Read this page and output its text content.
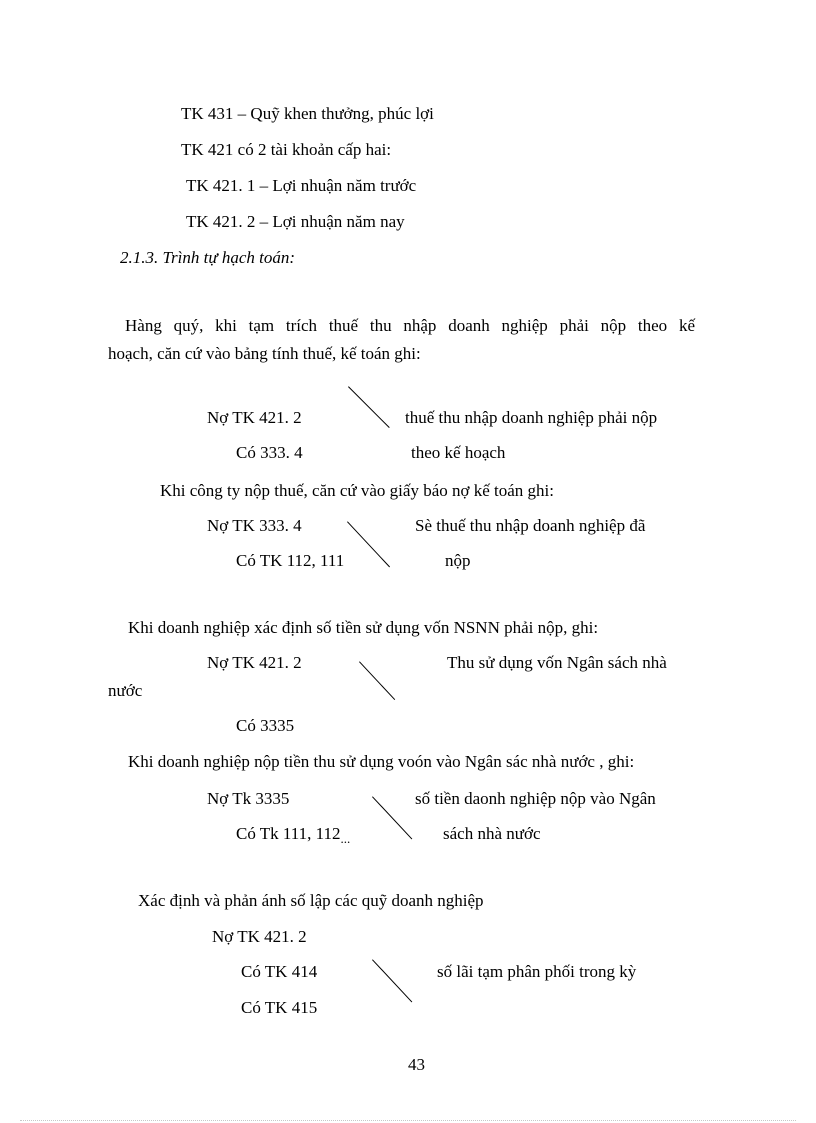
TK 431 – Quỹ khen thưởng, phúc lợi
TK 421 có 2 tài khoản cấp hai:
TK 421. 1 – Lợi nhuận năm trước
TK 421. 2 – Lợi nhuận năm nay
2.1.3. Trình tự hạch toán:
Hàng quý, khi tạm trích thuế thu nhập doanh nghiệp phải nộp theo kế
hoạch, căn cứ vào bảng tính thuế, kế toán ghi:
Nợ TK 421. 2
Có 333. 4
thuế thu nhập doanh nghiệp phải nộp
theo kế hoạch
Khi công ty nộp thuế, căn cứ vào giấy báo nợ kế toán ghi:
Nợ TK 333. 4
Có TK 112, 111
Sè thuế thu nhập doanh nghiệp đã
nộp
Khi doanh nghiệp xác định số tiền sử dụng vốn NSNN phải nộp, ghi:
Nợ TK 421. 2	Thu sử dụng vốn Ngân sách nhà
nước
Có 3335
Khi doanh nghiệp nộp tiền thu sử dụng voón vào Ngân sác nhà nước , ghi:
Nợ Tk 3335
Có Tk 111, $112_{...}$
số tiền daonh nghiệp nộp vào Ngân
sách nhà nước
Xác định và phản ánh số lập các quỹ doanh nghiệp
Nợ TK 421. 2
Có TK 414	số lãi tạm phân phối trong kỳ
Có TK 415
43
